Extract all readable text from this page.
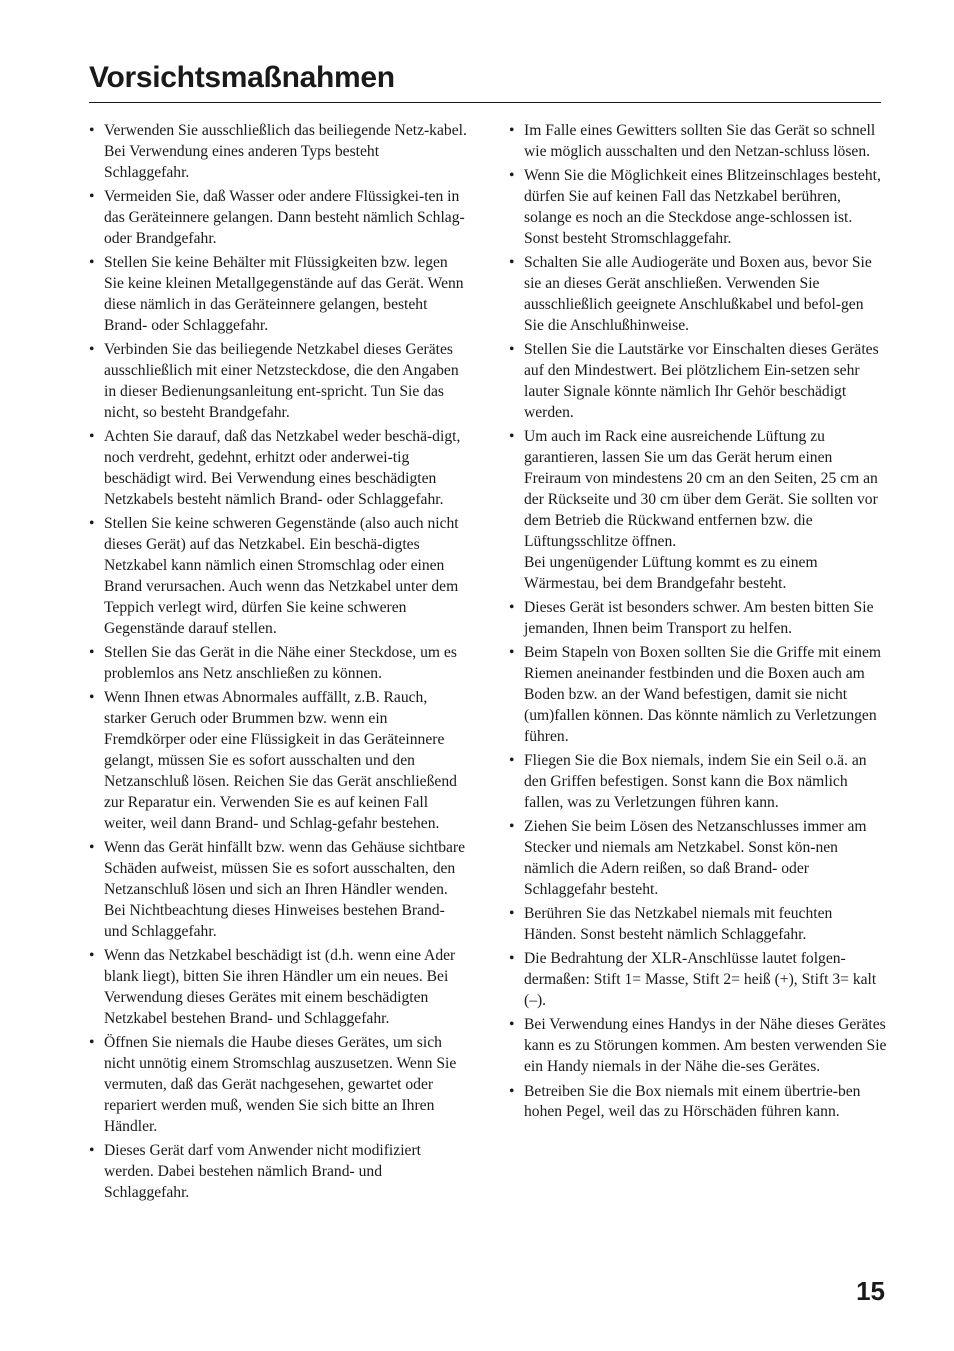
Vorsichtsmaßnahmen
• Verwenden Sie ausschließlich das beiliegende Netz-kabel. Bei Verwendung eines anderen Typs besteht Schlaggefahr.
• Vermeiden Sie, daß Wasser oder andere Flüssigkei-ten in das Geräteinnere gelangen. Dann besteht nämlich Schlag- oder Brandgefahr.
• Stellen Sie keine Behälter mit Flüssigkeiten bzw. legen Sie keine kleinen Metallgegenstände auf das Gerät. Wenn diese nämlich in das Geräteinnere gelangen, besteht Brand- oder Schlaggefahr.
• Verbinden Sie das beiliegende Netzkabel dieses Gerätes ausschließlich mit einer Netzsteckdose, die den Angaben in dieser Bedienungsanleitung ent-spricht. Tun Sie das nicht, so besteht Brandgefahr.
• Achten Sie darauf, daß das Netzkabel weder beschä-digt, noch verdreht, gedehnt, erhitzt oder anderwei-tig beschädigt wird. Bei Verwendung eines beschädigten Netzkabels besteht nämlich Brand- oder Schlaggefahr.
• Stellen Sie keine schweren Gegenstände (also auch nicht dieses Gerät) auf das Netzkabel. Ein beschä-digtes Netzkabel kann nämlich einen Stromschlag oder einen Brand verursachen. Auch wenn das Netzkabel unter dem Teppich verlegt wird, dürfen Sie keine schweren Gegenstände darauf stellen.
• Stellen Sie das Gerät in die Nähe einer Steckdose, um es problemlos ans Netz anschließen zu können.
• Wenn Ihnen etwas Abnormales auffällt, z.B. Rauch, starker Geruch oder Brummen bzw. wenn ein Fremdkörper oder eine Flüssigkeit in das Geräteinnere gelangt, müssen Sie es sofort ausschalten und den Netzanschluß lösen. Reichen Sie das Gerät anschließend zur Reparatur ein. Verwenden Sie es auf keinen Fall weiter, weil dann Brand- und Schlag-gefahr bestehen.
• Wenn das Gerät hinfällt bzw. wenn das Gehäuse sichtbare Schäden aufweist, müssen Sie es sofort ausschalten, den Netzanschluß lösen und sich an Ihren Händler wenden. Bei Nichtbeachtung dieses Hinweises bestehen Brand- und Schlaggefahr.
• Wenn das Netzkabel beschädigt ist (d.h. wenn eine Ader blank liegt), bitten Sie ihren Händler um ein neues. Bei Verwendung dieses Gerätes mit einem beschädigten Netzkabel bestehen Brand- und Schlaggefahr.
• Öffnen Sie niemals die Haube dieses Gerätes, um sich nicht unnötig einem Stromschlag auszusetzen. Wenn Sie vermuten, daß das Gerät nachgesehen, gewartet oder repariert werden muß, wenden Sie sich bitte an Ihren Händler.
• Dieses Gerät darf vom Anwender nicht modifiziert werden. Dabei bestehen nämlich Brand- und Schlaggefahr.
• Im Falle eines Gewitters sollten Sie das Gerät so schnell wie möglich ausschalten und den Netzan-schluss lösen.
• Wenn Sie die Möglichkeit eines Blitzeinschlages besteht, dürfen Sie auf keinen Fall das Netzkabel berühren, solange es noch an die Steckdose ange-schlossen ist. Sonst besteht Stromschlaggefahr.
• Schalten Sie alle Audiogeräte und Boxen aus, bevor Sie sie an dieses Gerät anschließen. Verwenden Sie ausschließlich geeignete Anschlußkabel und befol-gen Sie die Anschlußhinweise.
• Stellen Sie die Lautstärke vor Einschalten dieses Gerätes auf den Mindestwert. Bei plötzlichem Ein-setzen sehr lauter Signale könnte nämlich Ihr Gehör beschädigt werden.
• Um auch im Rack eine ausreichende Lüftung zu garantieren, lassen Sie um das Gerät herum einen Freiraum von mindestens 20 cm an den Seiten, 25 cm an der Rückseite und 30 cm über dem Gerät. Sie sollten vor dem Betrieb die Rückwand entfernen bzw. die Lüftungsschlitze öffnen.
Bei ungenügender Lüftung kommt es zu einem Wärmestau, bei dem Brandgefahr besteht.
• Dieses Gerät ist besonders schwer. Am besten bitten Sie jemanden, Ihnen beim Transport zu helfen.
• Beim Stapeln von Boxen sollten Sie die Griffe mit einem Riemen aneinander festbinden und die Boxen auch am Boden bzw. an der Wand befestigen, damit sie nicht (um)fallen können. Das könnte nämlich zu Verletzungen führen.
• Fliegen Sie die Box niemals, indem Sie ein Seil o.ä. an den Griffen befestigen. Sonst kann die Box nämlich fallen, was zu Verletzungen führen kann.
• Ziehen Sie beim Lösen des Netzanschlusses immer am Stecker und niemals am Netzkabel. Sonst kön-nen nämlich die Adern reißen, so daß Brand- oder Schlaggefahr besteht.
• Berühren Sie das Netzkabel niemals mit feuchten Händen. Sonst besteht nämlich Schlaggefahr.
• Die Bedrahtung der XLR-Anschlüsse lautet folgen-dermaßen: Stift 1= Masse, Stift 2= heiß (+), Stift 3= kalt (–).
• Bei Verwendung eines Handys in der Nähe dieses Gerätes kann es zu Störungen kommen. Am besten verwenden Sie ein Handy niemals in der Nähe die-ses Gerätes.
• Betreiben Sie die Box niemals mit einem übertrie-ben hohen Pegel, weil das zu Hörschäden führen kann.
15
